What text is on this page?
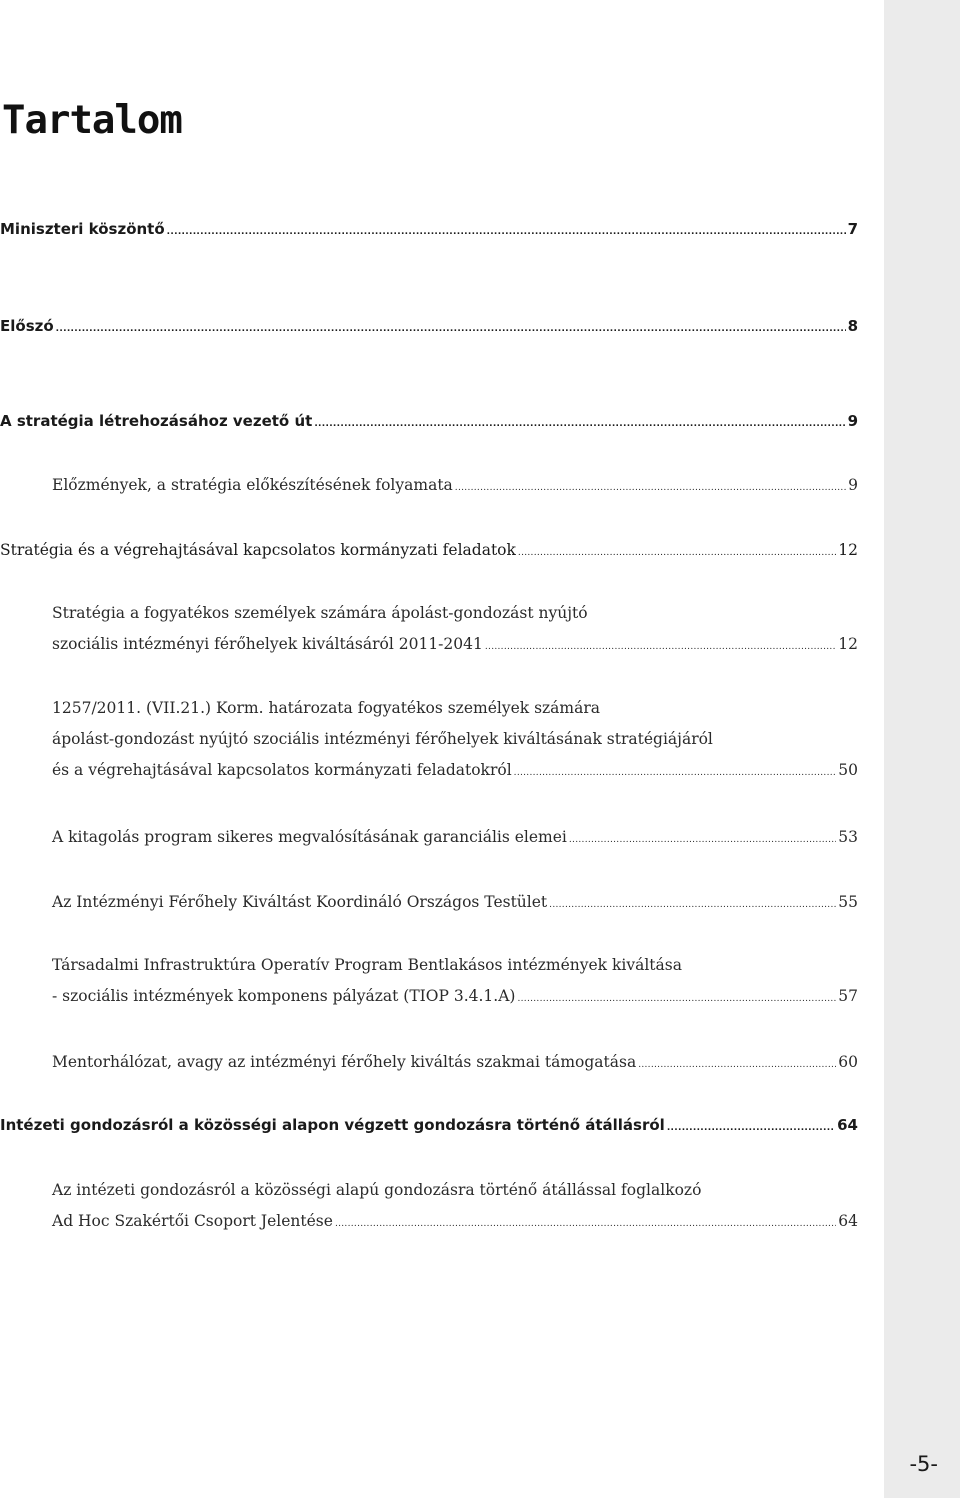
Tartalom
Miniszteri köszöntő .....	7
Előszó .....	8
A stratégia létrehozásához vezető út .....	9
Előzmények, a stratégia előkészítésének folyamata .....	9
Stratégia és a végrehajtásával kapcsolatos kormányzati feladatok .....	12
Stratégia a fogyatékos személyek számára ápolást-gondozást nyújtó
szociális intézményi férőhelyek kiváltásáról 2011-2041 .....	12
1257/2011. (VII.21.) Korm. határozata fogyatékos személyek számára
ápolást-gondozást nyújtó szociális intézményi férőhelyek kiváltásának stratégiájáról
és a végrehajtásával kapcsolatos kormányzati feladatokról .....	50
A kitagolás program sikeres megvalósításának garanciális elemei .....	53
Az Intézményi Férőhely Kiváltást Koordináló Országos Testület .....	55
Társadalmi Infrastruktúra Operatív Program Bentlakásos intézmények kiváltása
- szociális intézmények komponens pályázat (TIOP 3.4.1.A) .....	57
Mentorhálózat, avagy az intézményi férőhely kiváltás szakmai támogatása .....	60
Intézeti gondozásról a közösségi alapon végzett gondozásra történő átállásról .....	64
Az intézeti gondozásról a közösségi alapú gondozásra történő átállással foglalkozó
Ad Hoc Szakértői Csoport Jelentése .....	64
-5-
